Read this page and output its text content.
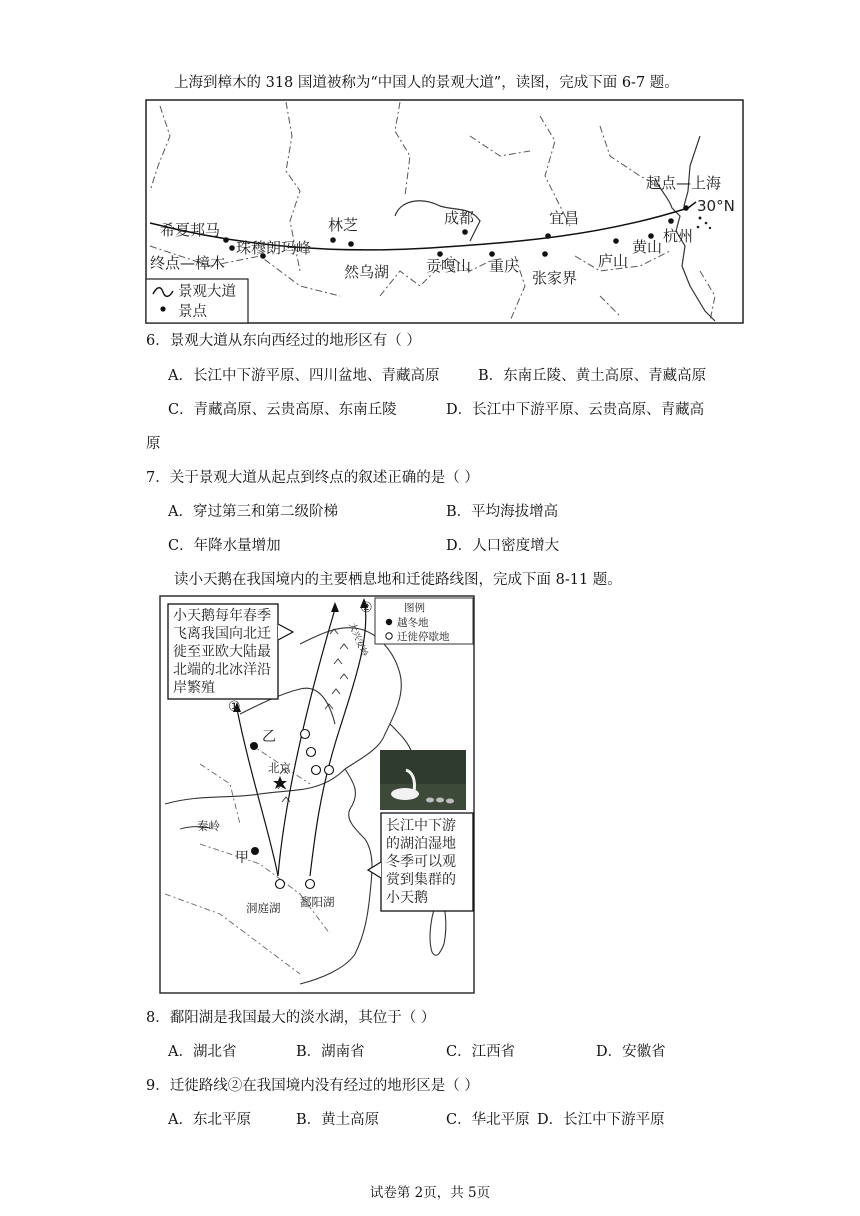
上海到樟木的 318 国道被称为“中国人的景观大道”，读图，完成下面 6-7 题。
起点—上海
30°N
希夏邦马	林芝	成都	宜昌
杭州
黄山
终点—樟木
珠穆朗玛峰
然乌湖 贡嘎山 重庆
张家界
庐山
景观大道
景点
6．景观大道从东向西经过的地形区有（ ）
A．长江中下游平原、四川盆地、青藏高原	B．东南丘陵、黄土高原、青藏高原
C．青藏高原、云贵高原、东南丘陵	D．长江中下游平原、云贵高原、青藏高
原
7．关于景观大道从起点到终点的叙述正确的是（ ）
A．穿过第三和第二级阶梯	B．平均海拔增高
C．年降水量增加	D．人口密度增大
读小天鹅在我国境内的主要栖息地和迁徙路线图，完成下面 8-11 题。
乙
甲
①
②
北京
秦岭
洞庭湖 鄱阳湖
大兴安岭
图例
越冬地
迁徙停歇地
小天鹅每年春季
飞离我国向北迁
徙至亚欧大陆最
北端的北冰洋沿
岸繁殖
长江中下游
的湖泊湿地
冬季可以观
赏到集群的
小天鹅
8．鄱阳湖是我国最大的淡水湖，其位于（ ）
A．湖北省	B．湖南省	C．江西省	D．安徽省
9．迁徙路线②在我国境内没有经过的地形区是（ ）
A．东北平原	B．黄土高原	C．华北平原 D．长江中下游平原
试卷第 2页，共 5页
